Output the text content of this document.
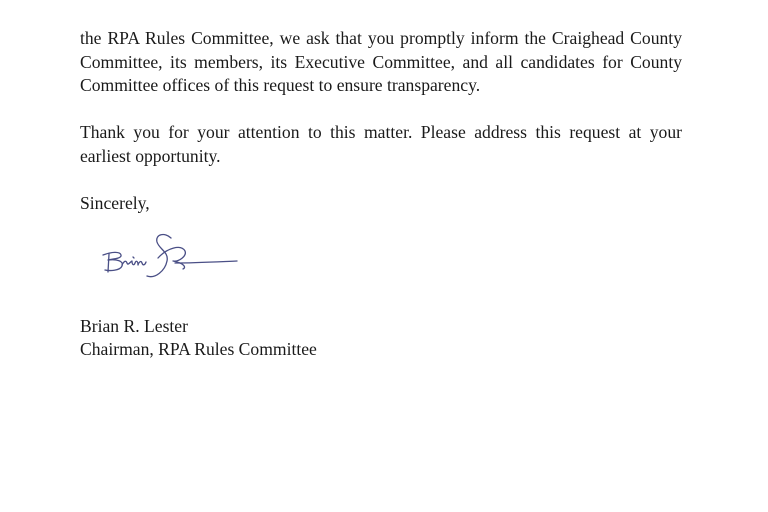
the RPA Rules Committee, we ask that you promptly inform the Craighead County Committee, its members, its Executive Committee, and all candidates for County Committee offices of this request to ensure transparency.

Thank you for your attention to this matter. Please address this request at your earliest opportunity.

Sincerely,

Brian R. Lester
Chairman, RPA Rules Committee
